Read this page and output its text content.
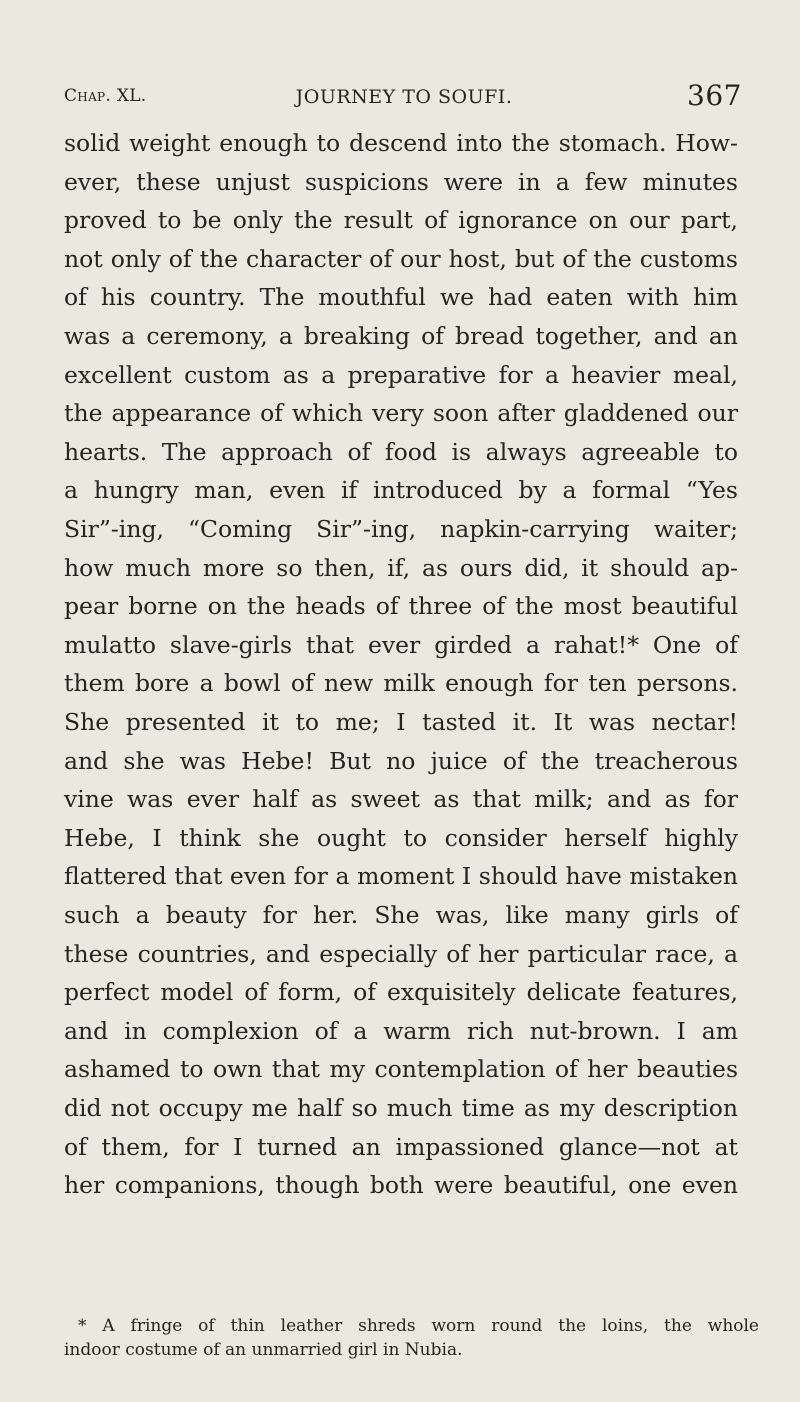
Chap. XL.	JOURNEY TO SOUFI.	367
solid weight enough to descend into the stomach. How-
ever, these unjust suspicions were in a few minutes
proved to be only the result of ignorance on our part,
not only of the character of our host, but of the customs
of his country. The mouthful we had eaten with him
was a ceremony, a breaking of bread together, and an
excellent custom as a preparative for a heavier meal,
the appearance of which very soon after gladdened our
hearts. The approach of food is always agreeable to
a hungry man, even if introduced by a formal “Yes
Sir”-ing, “Coming Sir”-ing, napkin-carrying waiter;
how much more so then, if, as ours did, it should ap-
pear borne on the heads of three of the most beautiful
mulatto slave-girls that ever girded a rahat!* One of
them bore a bowl of new milk enough for ten persons.
She presented it to me; I tasted it. It was nectar!
and she was Hebe! But no juice of the treacherous
vine was ever half as sweet as that milk; and as for
Hebe, I think she ought to consider herself highly
flattered that even for a moment I should have mistaken
such a beauty for her. She was, like many girls of
these countries, and especially of her particular race, a
perfect model of form, of exquisitely delicate features,
and in complexion of a warm rich nut-brown. I am
ashamed to own that my contemplation of her beauties
did not occupy me half so much time as my description
of them, for I turned an impassioned glance—not at
her companions, though both were beautiful, one even
* A fringe of thin leather shreds worn round the loins, the whole
indoor costume of an unmarried girl in Nubia.
